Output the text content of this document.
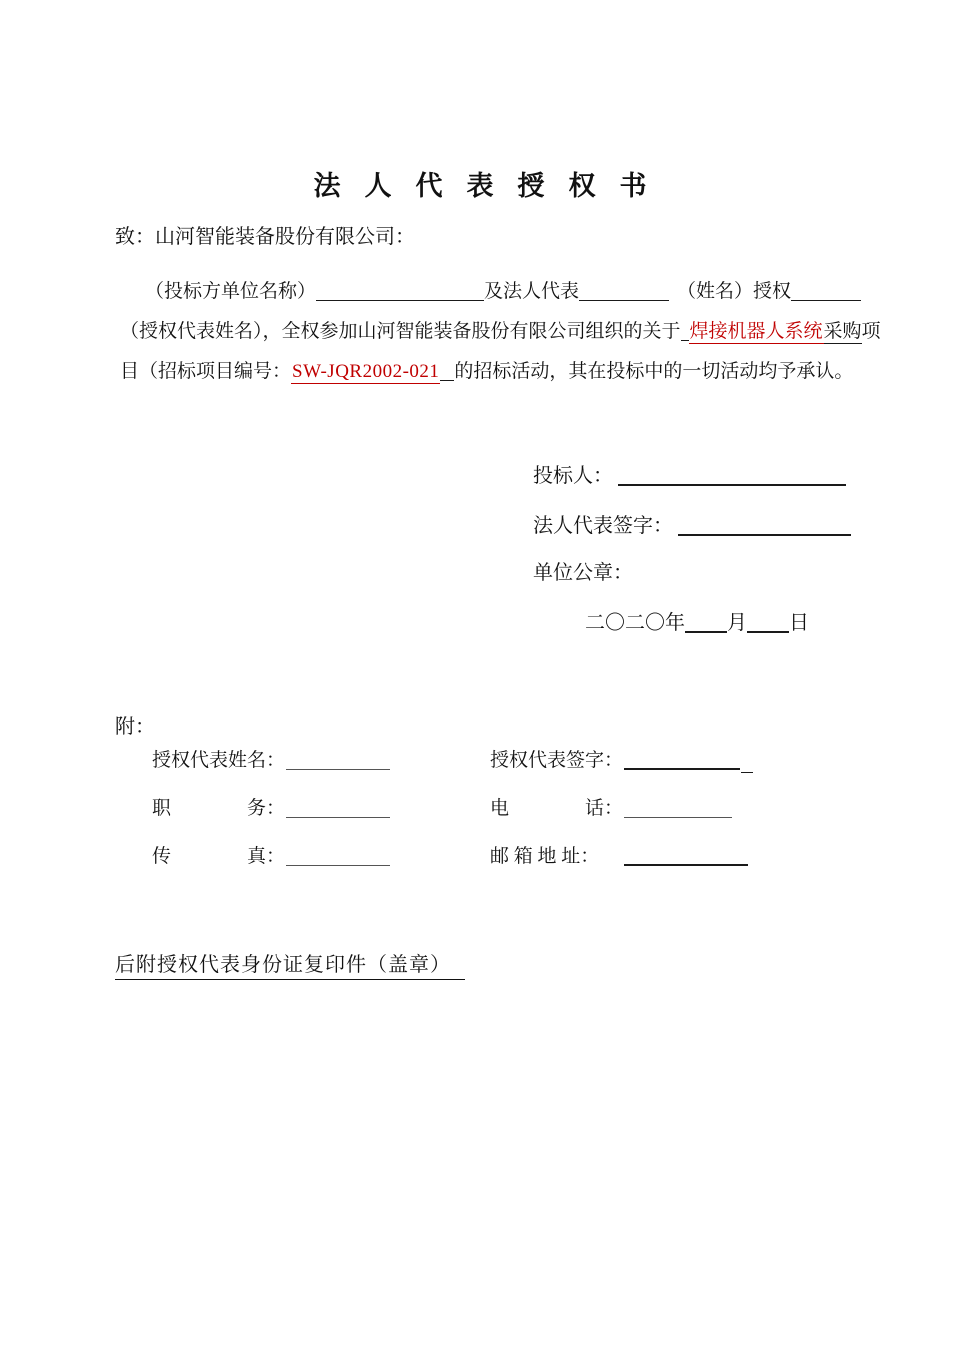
法人代表授权书
致：山河智能装备股份有限公司：
（投标方单位名称）	及法人代表	（姓名）授权
（授权代表姓名），全权参加山河智能装备股份有限公司组织的关于 焊接机器人系统采购项
目（招标项目编号：SW-JQR2002-021 的招标活动，其在投标中的一切活动均予承认。
投标人：
法人代表签字：
单位公章：
二〇二〇年 月 日
附：
授权代表姓名：	授权代表签字：
职　　　　务：	电　　　　话：
传　　　　真：	邮 箱 地 址：
后附授权代表身份证复印件（盖章）
